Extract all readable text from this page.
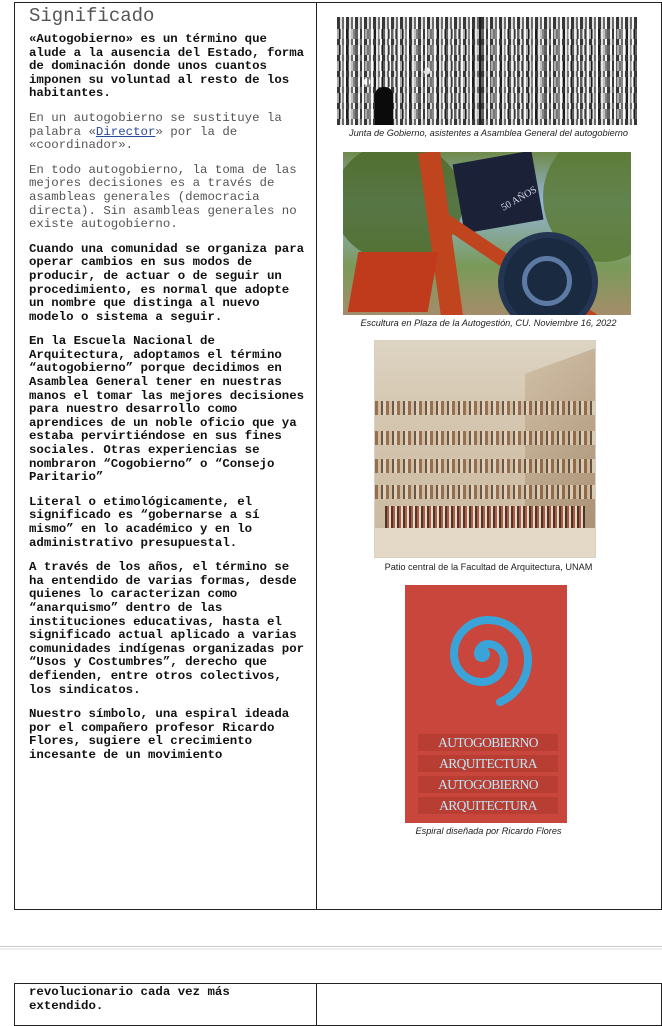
Significado

«Autogobierno» es un término que alude a la ausencia del Estado, forma de dominación donde unos cuantos imponen su voluntad al resto de los habitantes.

En un autogobierno se sustituye la palabra «Director» por la de «coordinador».

En todo autogobierno, la toma de las mejores decisiones es a través de asambleas generales (democracia directa). Sin asambleas generales no existe autogobierno.

Cuando una comunidad se organiza para operar cambios en sus modos de producir, de actuar o de seguir un procedimiento, es normal que adopte un nombre que distinga al nuevo modelo o sistema a seguir.

En la Escuela Nacional de Arquitectura, adoptamos el término “autogobierno” porque decidimos en Asamblea General tener en nuestras manos el tomar las mejores decisiones para nuestro desarrollo como aprendices de un noble oficio que ya estaba pervirtiéndose en sus fines sociales. Otras experiencias se nombraron “Cogobierno” o “Consejo Paritario”

Literal o etimológicamente, el significado es “gobernarse a sí mismo” en lo académico y en lo administrativo presupuestal.

A través de los años, el término se ha entendido de varias formas, desde quienes lo caracterizan como “anarquismo” dentro de las instituciones educativas, hasta el significado actual aplicado a varias comunidades indígenas organizadas por “Usos y Costumbres”, derecho que defienden, entre otros colectivos, los sindicatos.

Nuestro símbolo, una espiral ideada por el compañero profesor Ricardo Flores, sugiere el crecimiento incesante de un movimiento

Junta de Gobierno, asistentes a Asamblea General del autogobierno

50 AÑOS

Escultura en Plaza de la Autogestión, CU. Noviembre 16, 2022

Patio central de la Facultad de Arquitectura, UNAM

AUTOGOBIERNO
ARQUITECTURA
AUTOGOBIERNO
ARQUITECTURA

Espiral diseñada por Ricardo Flores

revolucionario cada vez más extendido.
